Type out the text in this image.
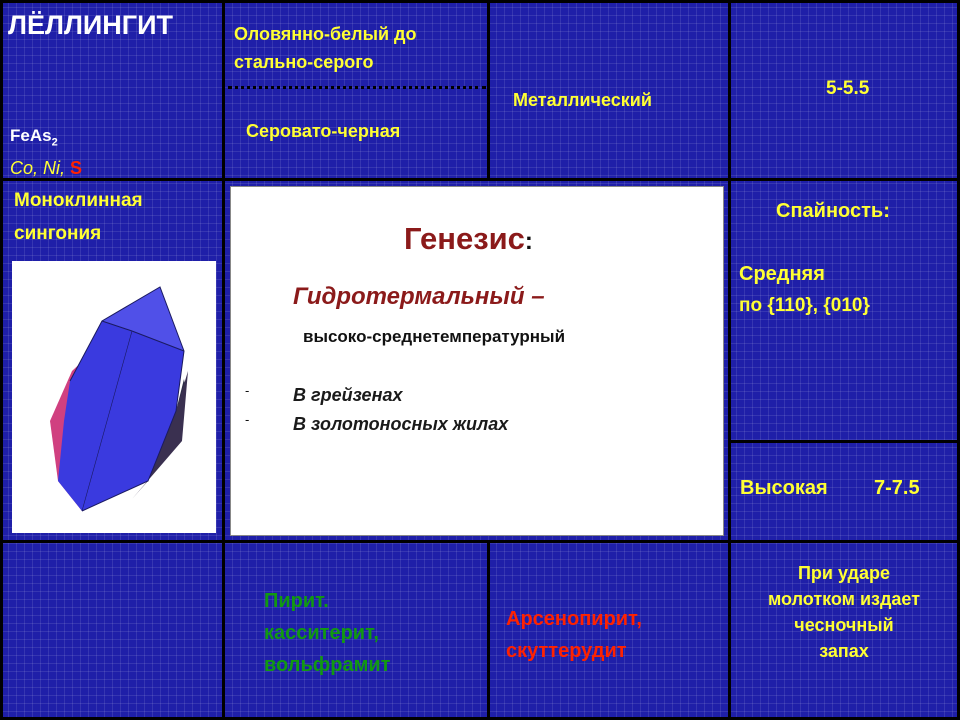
ЛЁЛЛИНГИТ
FeAs$_2$
Co, Ni, S
Оловянно-белый до
стально-серого
Серовато-черная
Металлический
5-5.5
Моноклинная
сингония	Генезис:
Гидротермальный –
высоко-среднетемпературный
- В грейзенах
- В золотоносных жилах
Спайность:
Средняя
по {110}, {010}
Высокая 7-7.5
Пирит.
касситерит,
вольфрамит
Арсенопирит,
скуттерудит
При ударе
молотком издает
чесночный
запах
